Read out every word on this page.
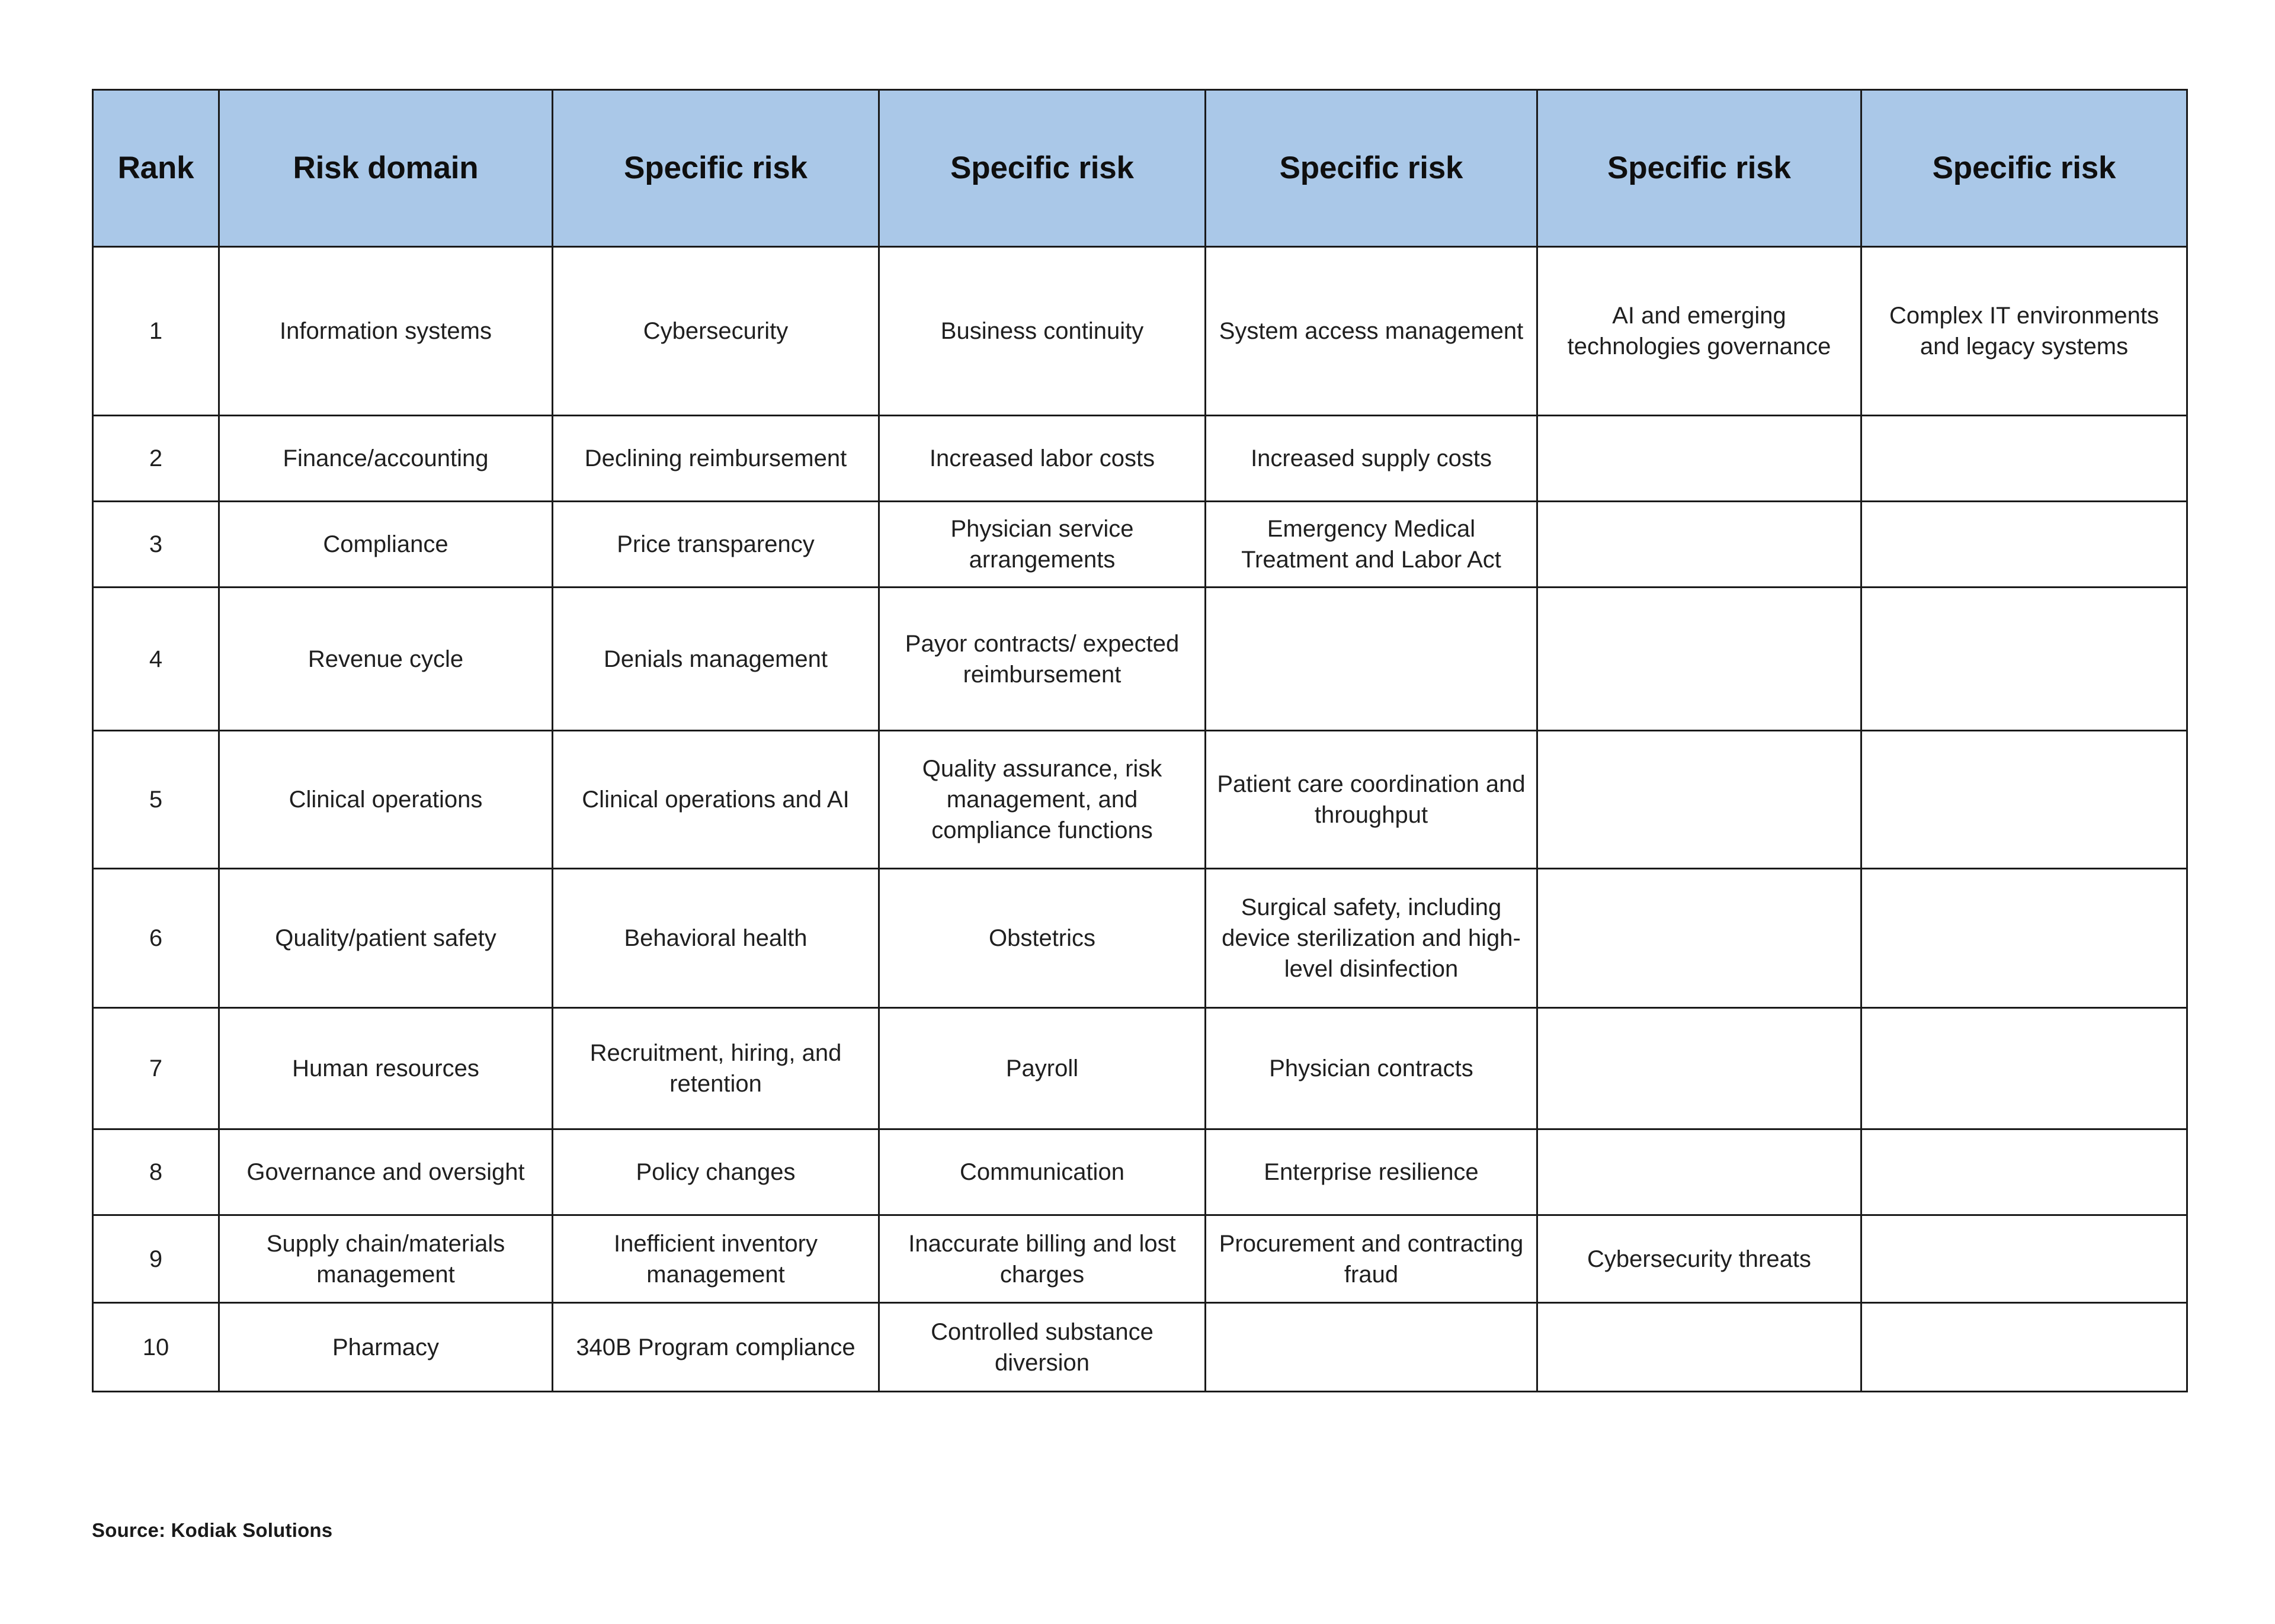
Rank	Risk domain	Specific risk	Specific risk	Specific risk	Specific risk	Specific risk
1	Information systems	Cybersecurity	Business continuity	System access management	AI and emerging technologies governance	Complex IT environments and legacy systems
2	Finance/accounting	Declining reimbursement	Increased labor costs	Increased supply costs		
3	Compliance	Price transparency	Physician service arrangements	Emergency Medical Treatment and Labor Act		
4	Revenue cycle	Denials management	Payor contracts/ expected reimbursement			
5	Clinical operations	Clinical operations and AI	Quality assurance, risk management, and compliance functions	Patient care coordination and throughput		
6	Quality/patient safety	Behavioral health	Obstetrics	Surgical safety, including device sterilization and high-level disinfection		
7	Human resources	Recruitment, hiring, and retention	Payroll	Physician contracts		
8	Governance and oversight	Policy changes	Communication	Enterprise resilience		
9	Supply chain/materials management	Inefficient inventory management	Inaccurate billing and lost charges	Procurement and contracting fraud	Cybersecurity threats	
10	Pharmacy	340B Program compliance	Controlled substance diversion			
Source: Kodiak Solutions
